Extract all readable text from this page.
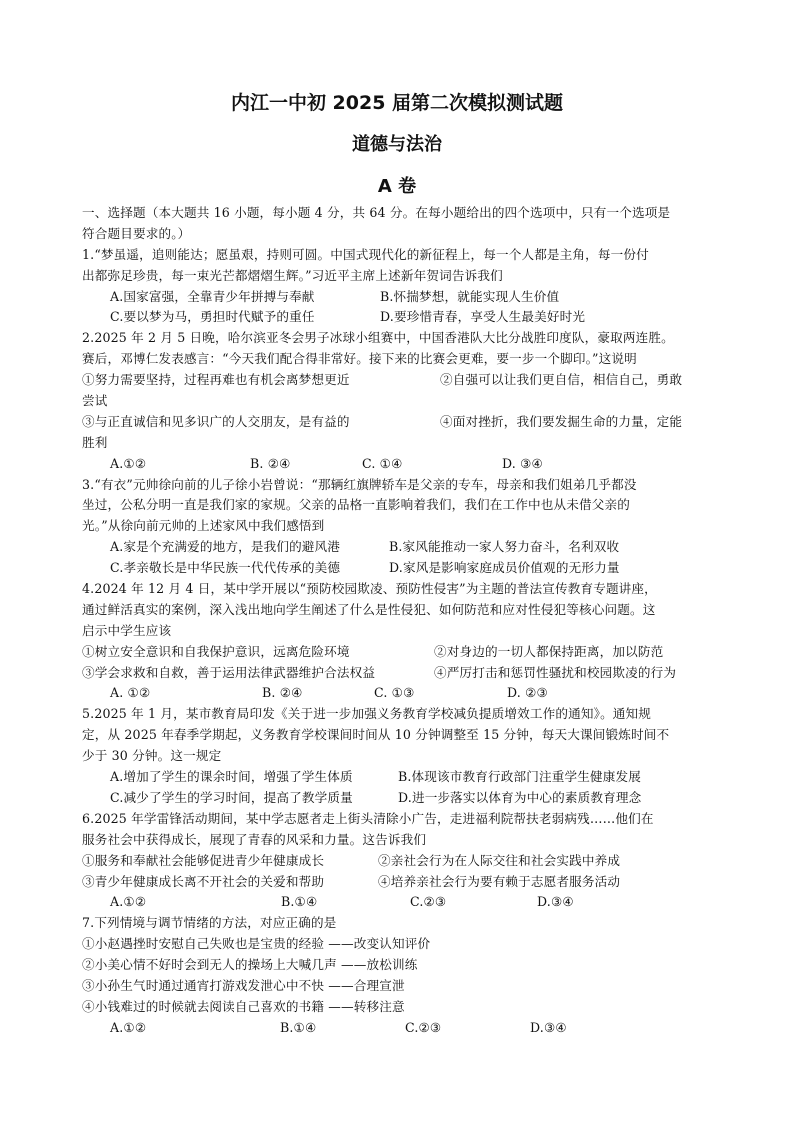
内江一中初 2025 届第二次模拟测试题
道德与法治
A 卷
一、选择题（本大题共 16 小题，每小题 4 分，共 64 分。在每小题给出的四个选项中，只有一个选项是
符合题目要求的。）
1.“梦虽遥，追则能达；愿虽艰，持则可圆。中国式现代化的新征程上，每一个人都是主角，每一份付
出都弥足珍贵，每一束光芒都熠熠生辉。”习近平主席上述新年贺词告诉我们
A.国家富强，全靠青少年拼搏与奉献	B.怀揣梦想，就能实现人生价值
C.要以梦为马，勇担时代赋予的重任	D.要珍惜青春，享受人生最美好时光
2.2025 年 2 月 5 日晚，哈尔滨亚冬会男子冰球小组赛中，中国香港队大比分战胜印度队，豪取两连胜。
赛后，邓博仁发表感言：“今天我们配合得非常好。接下来的比赛会更难，要一步一个脚印。”这说明
①努力需要坚持，过程再难也有机会离梦想更近	②自强可以让我们更自信，相信自己，勇敢
尝试
③与正直诚信和见多识广的人交朋友，是有益的	④面对挫折，我们要发掘生命的力量，定能
胜利
A.①②	B. ②④	C. ①④	D. ③④
3.“有衣”元帅徐向前的儿子徐小岩曾说：“那辆红旗牌轿车是父亲的专车，母亲和我们姐弟几乎都没
坐过，公私分明一直是我们家的家规。父亲的品格一直影响着我们，我们在工作中也从未借父亲的
光。”从徐向前元帅的上述家风中我们感悟到
A.家是个充满爱的地方，是我们的避风港	B.家风能推动一家人努力奋斗，名利双收
C.孝亲敬长是中华民族一代代传承的美德	D.家风是影响家庭成员价值观的无形力量
4.2024 年 12 月 4 日，某中学开展以“预防校园欺凌、预防性侵害”为主题的普法宣传教育专题讲座，
通过鲜活真实的案例，深入浅出地向学生阐述了什么是性侵犯、如何防范和应对性侵犯等核心问题。这
启示中学生应该
①树立安全意识和自我保护意识，远离危险环境	②对身边的一切人都保持距离，加以防范
③学会求救和自救，善于运用法律武器维护合法权益	④严厉打击和惩罚性骚扰和校园欺凌的行为
A. ①②	B. ②④	C. ①③	D. ②③
5.2025 年 1 月，某市教育局印发《关于进一步加强义务教育学校减负提质增效工作的通知》。通知规
定，从 2025 年春季学期起，义务教育学校课间时间从 10 分钟调整至 15 分钟，每天大课间锻炼时间不
少于 30 分钟。这一规定
A.增加了学生的课余时间，增强了学生体质	B.体现该市教育行政部门注重学生健康发展
C.减少了学生的学习时间，提高了教学质量	D.进一步落实以体育为中心的素质教育理念
6.2025 年学雷锋活动期间，某中学志愿者走上街头清除小广告，走进福利院帮扶老弱病残……他们在
服务社会中获得成长，展现了青春的风采和力量。这告诉我们
①服务和奉献社会能够促进青少年健康成长	②亲社会行为在人际交往和社会实践中养成
③青少年健康成长离不开社会的关爱和帮助	④培养亲社会行为要有赖于志愿者服务活动
A.①②	B.①④	C.②③	D.③④
7.下列情境与调节情绪的方法，对应正确的是
①小赵遇挫时安慰自己失败也是宝贵的经验 ——改变认知评价
②小美心情不好时会到无人的操场上大喊几声 ——放松训练
③小孙生气时通过通宵打游戏发泄心中不快 ——合理宣泄
④小钱难过的时候就去阅读自己喜欢的书籍 ——转移注意
A.①②	B.①④	C.②③	D.③④
